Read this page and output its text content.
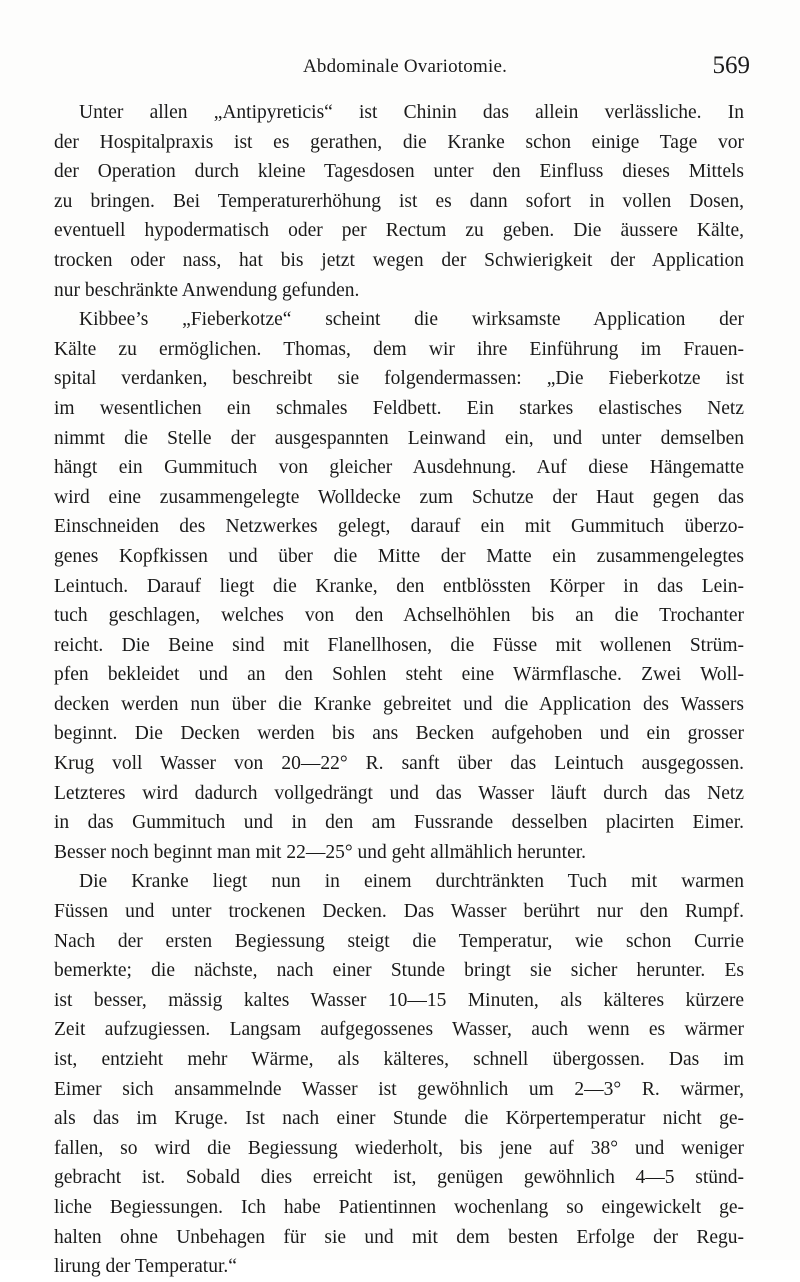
Abdominale Ovariotomie.	569
Unter allen „Antipyreticis“ ist Chinin das allein verlässliche. In
der Hospitalpraxis ist es gerathen, die Kranke schon einige Tage vor
der Operation durch kleine Tagesdosen unter den Einfluss dieses Mittels
zu bringen. Bei Temperaturerhöhung ist es dann sofort in vollen Dosen,
eventuell hypodermatisch oder per Rectum zu geben. Die äussere Kälte,
trocken oder nass, hat bis jetzt wegen der Schwierigkeit der Application
nur beschränkte Anwendung gefunden.
Kibbee’s „Fieberkotze“ scheint die wirksamste Application der
Kälte zu ermöglichen. Thomas, dem wir ihre Einführung im Frauen-
spital verdanken, beschreibt sie folgendermassen: „Die Fieberkotze ist
im wesentlichen ein schmales Feldbett. Ein starkes elastisches Netz
nimmt die Stelle der ausgespannten Leinwand ein, und unter demselben
hängt ein Gummituch von gleicher Ausdehnung. Auf diese Hängematte
wird eine zusammengelegte Wolldecke zum Schutze der Haut gegen das
Einschneiden des Netzwerkes gelegt, darauf ein mit Gummituch überzo-
genes Kopfkissen und über die Mitte der Matte ein zusammengelegtes
Leintuch. Darauf liegt die Kranke, den entblössten Körper in das Lein-
tuch geschlagen, welches von den Achselhöhlen bis an die Trochanter
reicht. Die Beine sind mit Flanellhosen, die Füsse mit wollenen Strüm-
pfen bekleidet und an den Sohlen steht eine Wärmflasche. Zwei Woll-
decken werden nun über die Kranke gebreitet und die Application des Wassers
beginnt. Die Decken werden bis ans Becken aufgehoben und ein grosser
Krug voll Wasser von 20—22° R. sanft über das Leintuch ausgegossen.
Letzteres wird dadurch vollgedrängt und das Wasser läuft durch das Netz
in das Gummituch und in den am Fussrande desselben placirten Eimer.
Besser noch beginnt man mit 22—25° und geht allmählich herunter.
Die Kranke liegt nun in einem durchtränkten Tuch mit warmen
Füssen und unter trockenen Decken. Das Wasser berührt nur den Rumpf.
Nach der ersten Begiessung steigt die Temperatur, wie schon Currie
bemerkte; die nächste, nach einer Stunde bringt sie sicher herunter. Es
ist besser, mässig kaltes Wasser 10—15 Minuten, als kälteres kürzere
Zeit aufzugiessen. Langsam aufgegossenes Wasser, auch wenn es wärmer
ist, entzieht mehr Wärme, als kälteres, schnell übergossen. Das im
Eimer sich ansammelnde Wasser ist gewöhnlich um 2—3° R. wärmer,
als das im Kruge. Ist nach einer Stunde die Körpertemperatur nicht ge-
fallen, so wird die Begiessung wiederholt, bis jene auf 38° und weniger
gebracht ist. Sobald dies erreicht ist, genügen gewöhnlich 4—5 stünd-
liche Begiessungen. Ich habe Patientinnen wochenlang so eingewickelt ge-
halten ohne Unbehagen für sie und mit dem besten Erfolge der Regu-
lirung der Temperatur.“
